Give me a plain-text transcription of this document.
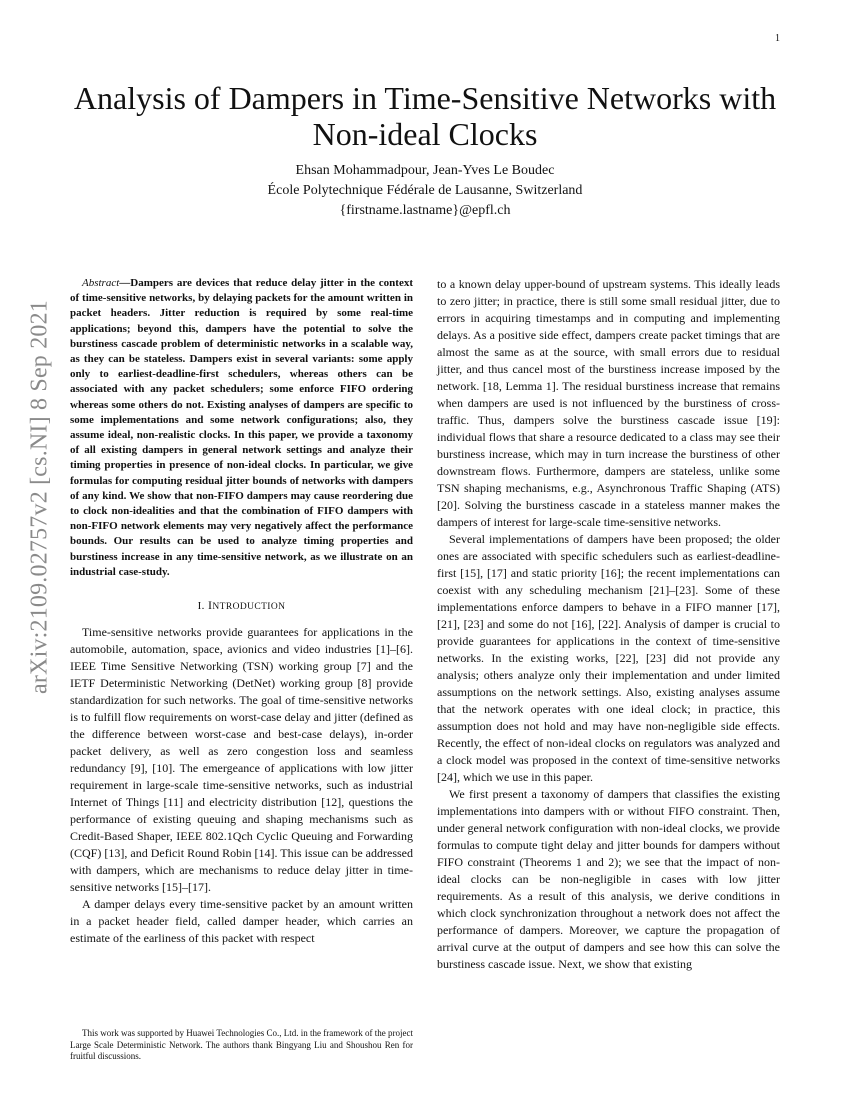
1
arXiv:2109.02757v2 [cs.NI] 8 Sep 2021
Analysis of Dampers in Time-Sensitive Networks with Non-ideal Clocks
Ehsan Mohammadpour, Jean-Yves Le Boudec
École Polytechnique Fédérale de Lausanne, Switzerland
{firstname.lastname}@epfl.ch

Abstract—Dampers are devices that reduce delay jitter in the context of time-sensitive networks, by delaying packets for the amount written in packet headers. Jitter reduction is required by some real-time applications; beyond this, dampers have the potential to solve the burstiness cascade problem of deterministic networks in a scalable way, as they can be stateless. Dampers exist in several variants: some apply only to earliest-deadline-first schedulers, whereas others can be associated with any packet schedulers; some enforce FIFO ordering whereas some others do not. Existing analyses of dampers are specific to some implementations and some network configurations; also, they assume ideal, non-realistic clocks. In this paper, we provide a taxonomy of all existing dampers in general network settings and analyze their timing properties in presence of non-ideal clocks. In particular, we give formulas for computing residual jitter bounds of networks with dampers of any kind. We show that non-FIFO dampers may cause reordering due to clock non-idealities and that the combination of FIFO dampers with non-FIFO network elements may very negatively affect the performance bounds. Our results can be used to analyze timing properties and burstiness increase in any time-sensitive network, as we illustrate on an industrial case-study.

I. INTRODUCTION

Time-sensitive networks provide guarantees for applications in the automobile, automation, space, avionics and video industries [1]–[6]. IEEE Time Sensitive Networking (TSN) working group [7] and the IETF Deterministic Networking (DetNet) working group [8] provide standardization for such networks. The goal of time-sensitive networks is to fulfill flow requirements on worst-case delay and jitter (defined as the difference between worst-case and best-case delays), in-order packet delivery, as well as zero congestion loss and seamless redundancy [9], [10]. The emergeance of applications with low jitter requirement in large-scale time-sensitive networks, such as industrial Internet of Things [11] and electricity distribution [12], questions the performance of existing queuing and shaping mechanisms such as Credit-Based Shaper, IEEE 802.1Qch Cyclic Queuing and Forwarding (CQF) [13], and Deficit Round Robin [14]. This issue can be addressed with dampers, which are mechanisms to reduce delay jitter in time-sensitive networks [15]–[17].

A damper delays every time-sensitive packet by an amount written in a packet header field, called damper header, which carries an estimate of the earliness of this packet with respect

to a known delay upper-bound of upstream systems. This ideally leads to zero jitter; in practice, there is still some small residual jitter, due to errors in acquiring timestamps and in computing and implementing delays. As a positive side effect, dampers create packet timings that are almost the same as at the source, with small errors due to residual jitter, and thus cancel most of the burstiness increase imposed by the network. [18, Lemma 1]. The residual burstiness increase that remains when dampers are used is not influenced by the burstiness of cross-traffic. Thus, dampers solve the burstiness cascade issue [19]: individual flows that share a resource dedicated to a class may see their burstiness increase, which may in turn increase the burstiness of other downstream flows. Furthermore, dampers are stateless, unlike some TSN shaping mechanisms, e.g., Asynchronous Traffic Shaping (ATS) [20]. Solving the burstiness cascade in a stateless manner makes the dampers of interest for large-scale time-sensitive networks.

Several implementations of dampers have been proposed; the older ones are associated with specific schedulers such as earliest-deadline-first [15], [17] and static priority [16]; the recent implementations can coexist with any scheduling mechanism [21]–[23]. Some of these implementations enforce dampers to behave in a FIFO manner [17], [21], [23] and some do not [16], [22]. Analysis of damper is crucial to provide guarantees for applications in the context of time-sensitive networks. In the existing works, [22], [23] did not provide any analysis; others analyze only their implementation and under limited assumptions on the network settings. Also, existing analyses assume that the network operates with one ideal clock; in practice, this assumption does not hold and may have non-negligible side effects. Recently, the effect of non-ideal clocks on regulators was analyzed and a clock model was proposed in the context of time-sensitive networks [24], which we use in this paper.

We first present a taxonomy of dampers that classifies the existing implementations into dampers with or without FIFO constraint. Then, under general network configuration with non-ideal clocks, we provide formulas to compute tight delay and jitter bounds for dampers without FIFO constraint (Theorems 1 and 2); we see that the impact of non-ideal clocks can be non-negligible in cases with low jitter requirements. As a result of this analysis, we derive conditions in which clock synchronization throughout a network does not affect the performance of dampers. Moreover, we capture the propagation of arrival curve at the output of dampers and see how this can solve the burstiness cascade issue. Next, we show that existing

This work was supported by Huawei Technologies Co., Ltd. in the framework of the project Large Scale Deterministic Network. The authors thank Bingyang Liu and Shoushou Ren for fruitful discussions.
